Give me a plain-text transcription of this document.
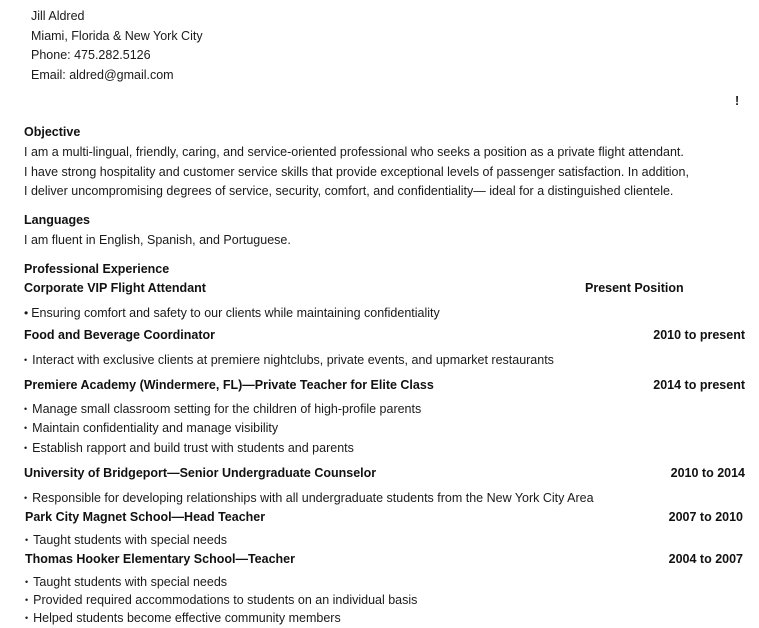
Jill Aldred
Miami, Florida & New York City
Phone: 475.282.5126
Email: aldred@gmail.com
!
Objective
I am a multi-lingual, friendly, caring, and service-oriented professional who seeks a position as a private flight attendant.
I have strong hospitality and customer service skills that provide exceptional levels of passenger satisfaction. In addition,
I deliver uncompromising degrees of service, security, comfort, and confidentiality— ideal for a distinguished clientele.
Languages
I am fluent in English, Spanish, and Portuguese.
Professional Experience
Corporate VIP Flight Attendant	Present Position
• Ensuring comfort and safety to our clients while maintaining confidentiality
Food and Beverage Coordinator	2010 to present
• Interact with exclusive clients at premiere nightclubs, private events, and upmarket restaurants
Premiere Academy (Windermere, FL)—Private Teacher for Elite Class	2014 to present
• Manage small classroom setting for the children of high-profile parents
• Maintain confidentiality and manage visibility
• Establish rapport and build trust with students and parents
University of Bridgeport—Senior Undergraduate Counselor	2010 to 2014
• Responsible for developing relationships with all undergraduate students from the New York City Area
Park City Magnet School—Head Teacher	2007 to 2010
• Taught students with special needs
Thomas Hooker Elementary School—Teacher	2004 to 2007
• Taught students with special needs
• Provided required accommodations to students on an individual basis
• Helped students become effective community members
